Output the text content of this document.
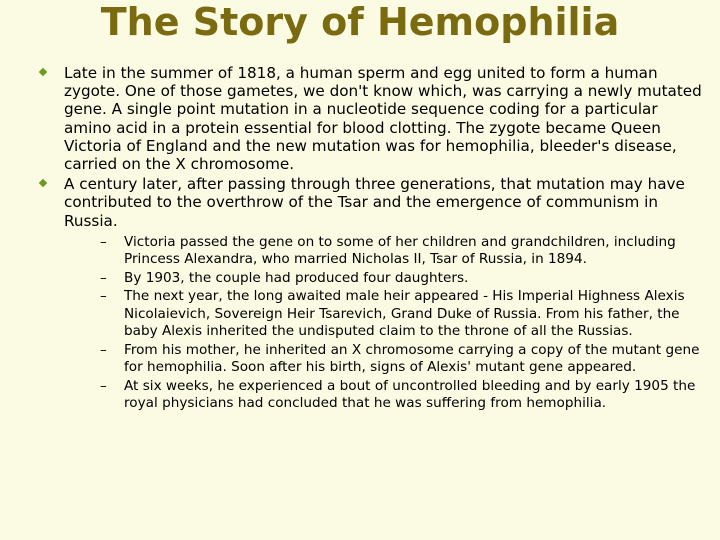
The Story of Hemophilia
Late in the summer of 1818, a human sperm and egg united to form a human zygote. One of those gametes, we don't know which, was carrying a newly mutated gene. A single point mutation in a nucleotide sequence coding for a particular amino acid in a protein essential for blood clotting. The zygote became Queen Victoria of England and the new mutation was for hemophilia, bleeder's disease, carried on the X chromosome.
A century later, after passing through three generations, that mutation may have contributed to the overthrow of the Tsar and the emergence of communism in Russia.
– Victoria passed the gene on to some of her children and grandchildren, including Princess Alexandra, who married Nicholas II, Tsar of Russia, in 1894.
– By 1903, the couple had produced four daughters.
– The next year, the long awaited male heir appeared - His Imperial Highness Alexis Nicolaievich, Sovereign Heir Tsarevich, Grand Duke of Russia. From his father, the baby Alexis inherited the undisputed claim to the throne of all the Russias.
– From his mother, he inherited an X chromosome carrying a copy of the mutant gene for hemophilia. Soon after his birth, signs of Alexis' mutant gene appeared.
– At six weeks, he experienced a bout of uncontrolled bleeding and by early 1905 the royal physicians had concluded that he was suffering from hemophilia.
